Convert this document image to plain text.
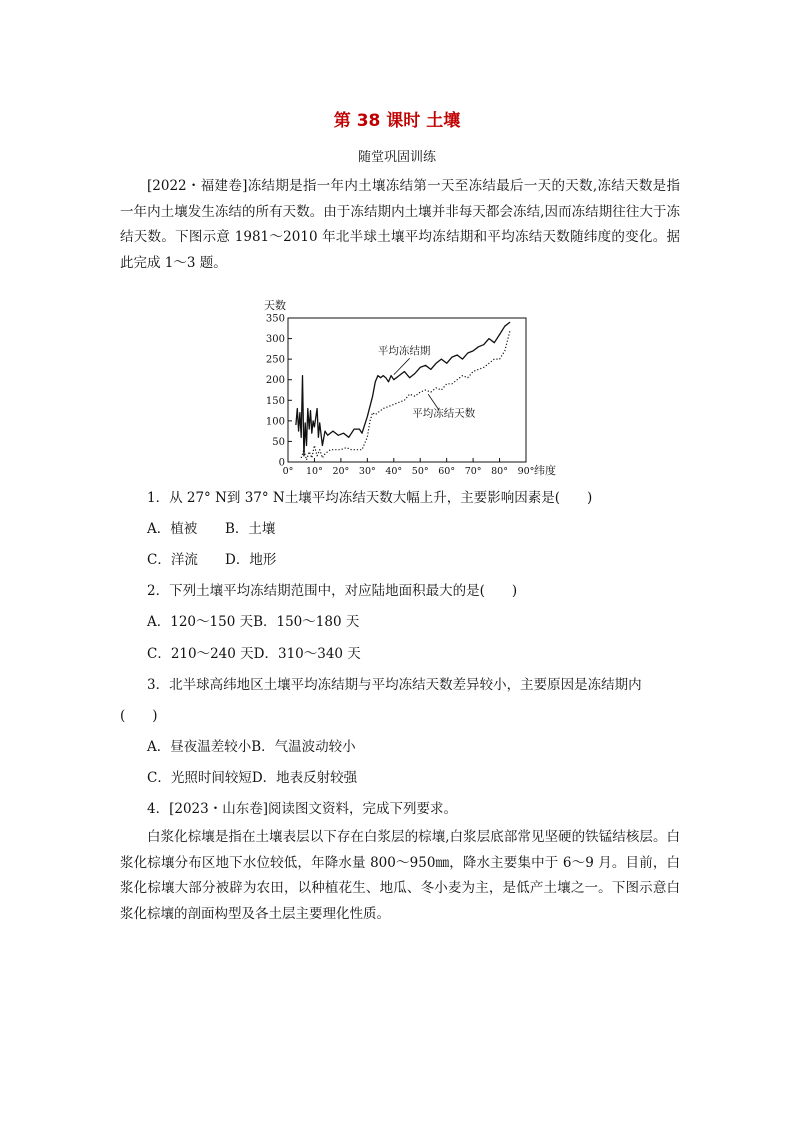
第 38 课时 土壤
随堂巩固训练
[2022・福建卷]冻结期是指一年内土壤冻结第一天至冻结最后一天的天数,冻结天数是指一年内土壤发生冻结的所有天数。由于冻结期内土壤并非每天都会冻结,因而冻结期往往大于冻结天数。下图示意 1981～2010 年北半球土壤平均冻结期和平均冻结天数随纬度的变化。据此完成 1～3 题。
0
50
100
150
200
250
300
350
0° 10° 20° 30° 40° 50° 60° 70° 80° 90°
天数
纬度
平均冻结期
平均冻结天数
1．从 27° N到 37° N土壤平均冻结天数大幅上升，主要影响因素是(　　)
A．植被 B．土壤
C．洋流 D．地形
2．下列土壤平均冻结期范围中，对应陆地面积最大的是(　　)
A．120～150 天B．150～180 天
C．210～240 天D．310～340 天
3．北半球高纬地区土壤平均冻结期与平均冻结天数差异较小，主要原因是冻结期内
(　　)
A．昼夜温差较小B．气温波动较小
C．光照时间较短D．地表反射较强
4．[2023・山东卷]阅读图文资料，完成下列要求。
白浆化棕壤是指在土壤表层以下存在白浆层的棕壤,白浆层底部常见坚硬的铁锰结核层。白浆化棕壤分布区地下水位较低，年降水量 800～950㎜，降水主要集中于 6～9 月。目前，白浆化棕壤大部分被辟为农田，以种植花生、地瓜、冬小麦为主，是低产土壤之一。下图示意白浆化棕壤的剖面构型及各土层主要理化性质。
